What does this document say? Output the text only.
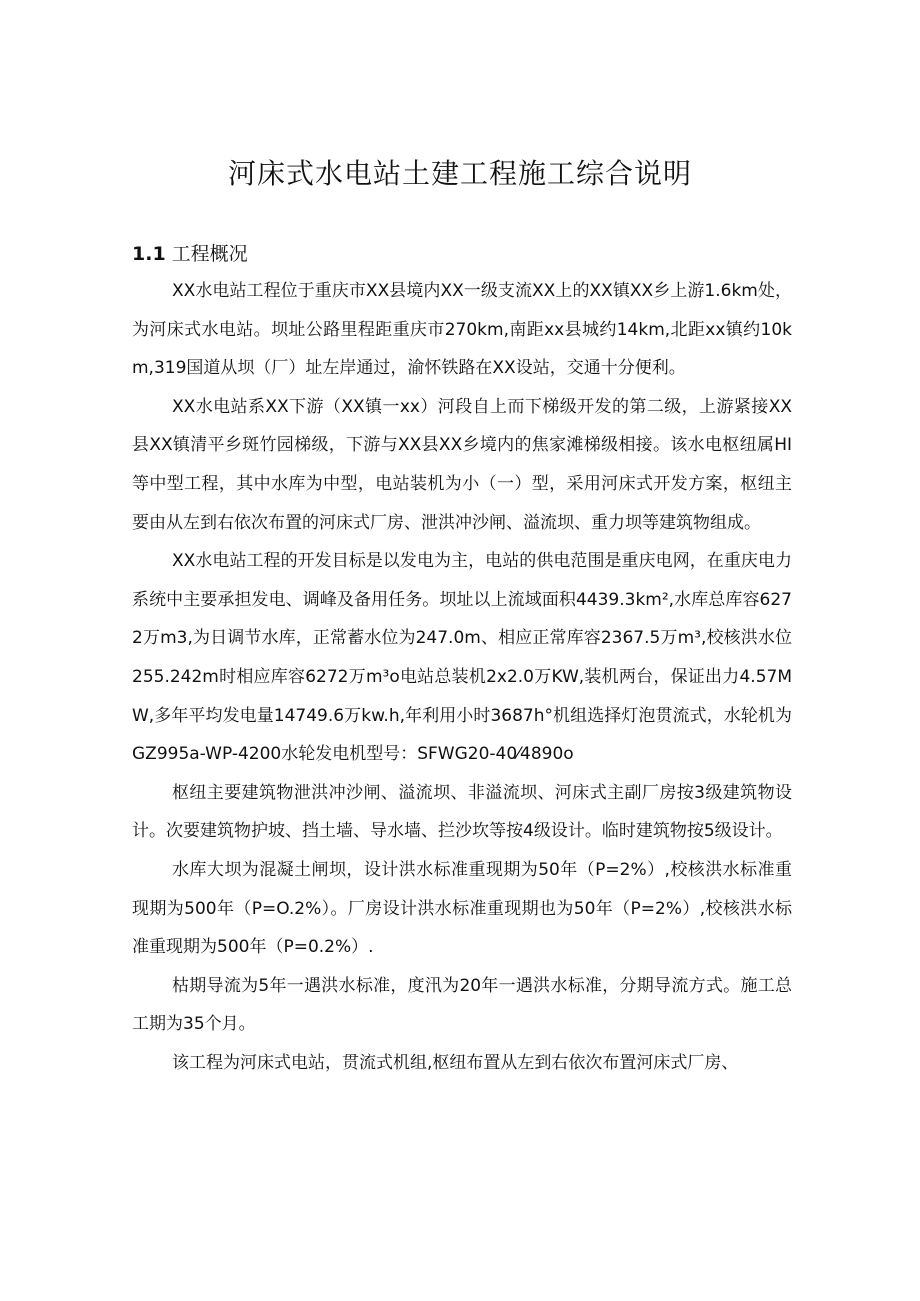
河床式水电站土建工程施工综合说明
1.1 工程概况

XX水电站工程位于重庆市XX县境内XX一级支流XX上的XX镇XX乡上游1.6km处，为河床式水电站。坝址公路里程距重庆市270km,南距xx县城约14km,北距xx镇约10km,319国道从坝（厂）址左岸通过，渝怀铁路在XX设站，交通十分便利。

XX水电站系XX下游（XX镇一xx）河段自上而下梯级开发的第二级，上游紧接XX县XX镇清平乡斑竹园梯级，下游与XX县XX乡境内的焦家滩梯级相接。该水电枢纽属HI等中型工程，其中水库为中型，电站装机为小（一）型，采用河床式开发方案，枢纽主要由从左到右依次布置的河床式厂房、泄洪冲沙闸、溢流坝、重力坝等建筑物组成。

XX水电站工程的开发目标是以发电为主，电站的供电范围是重庆电网，在重庆电力系统中主要承担发电、调峰及备用任务。坝址以上流域面积4439.3km²,水库总库容6272万m3,为日调节水库，正常蓄水位为247.0m、相应正常库容2367.5万m³,校核洪水位255.242m时相应库容6272万m³o电站总装机2x2.0万KW,装机两台，保证出力4.57MW,多年平均发电量14749.6万kw.h,年利用小时3687h°机组选择灯泡贯流式，水轮机为GZ995a-WP-4200水轮发电机型号：SFWG20-40⁄4890o

枢纽主要建筑物泄洪冲沙闸、溢流坝、非溢流坝、河床式主副厂房按3级建筑物设计。次要建筑物护坡、挡土墙、导水墙、拦沙坎等按4级设计。临时建筑物按5级设计。

水库大坝为混凝土闸坝，设计洪水标准重现期为50年（P=2%）,校核洪水标准重现期为500年（P=O.2%）。厂房设计洪水标准重现期也为50年（P=2%）,校核洪水标准重现期为500年（P=0.2%）.

枯期导流为5年一遇洪水标准，度汛为20年一遇洪水标准，分期导流方式。施工总工期为35个月。

该工程为河床式电站，贯流式机组,枢纽布置从左到右依次布置河床式厂房、
